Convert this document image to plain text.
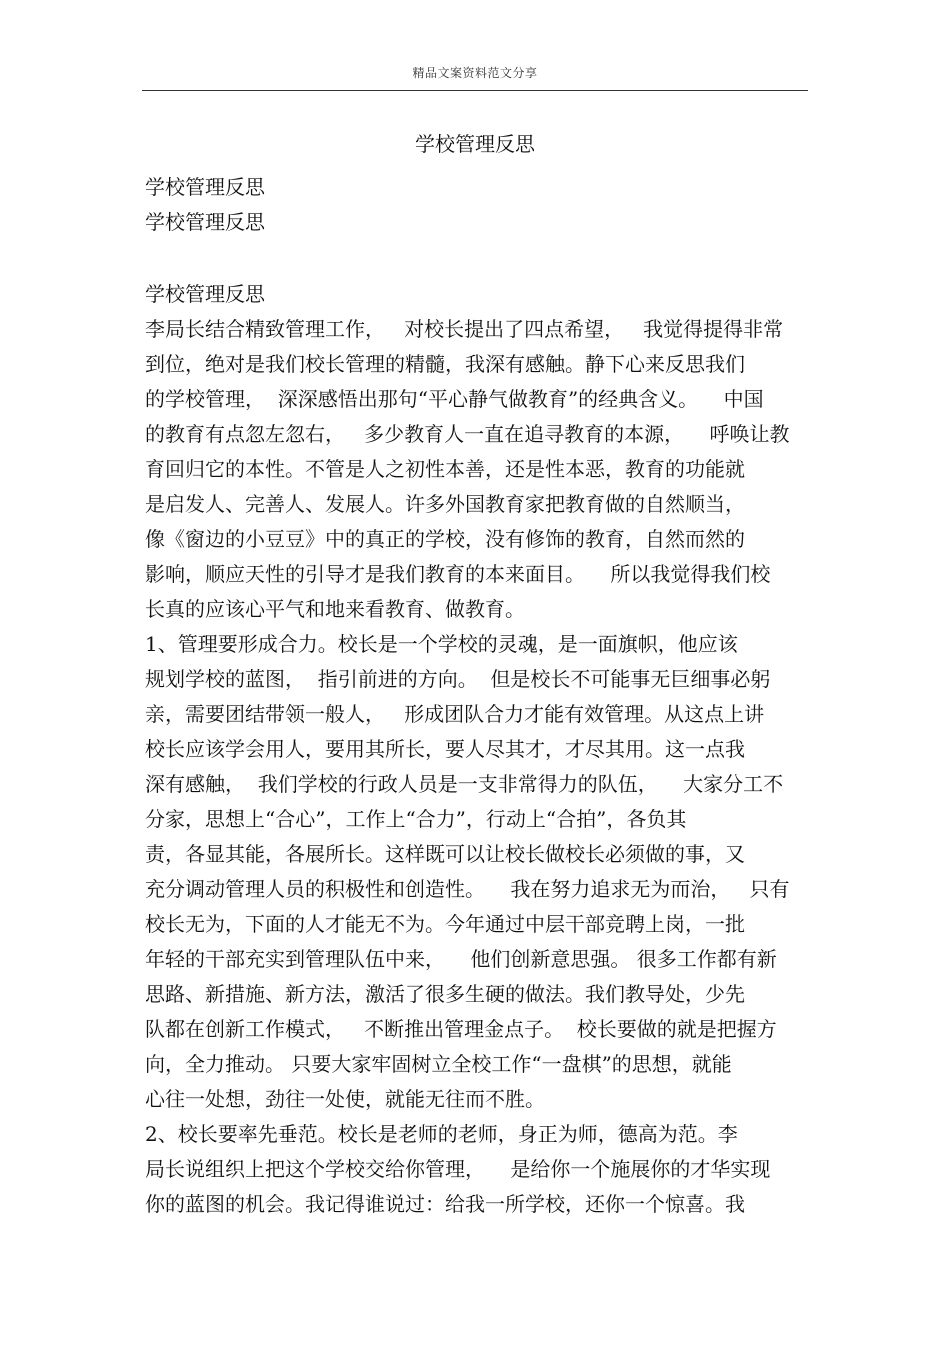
精品文案资料范文分享
学校管理反思
学校管理反思
学校管理反思
学校管理反思
李局长结合精致管理工作，   对校长提出了四点希望，   我觉得提得非常
到位，绝对是我们校长管理的精髓，我深有感触。静下心来反思我们
的学校管理，  深深感悟出那句“平心静气做教育”的经典含义。    中国
的教育有点忽左忽右，   多少教育人一直在追寻教育的本源，    呼唤让教
育回归它的本性。不管是人之初性本善，还是性本恶，教育的功能就
是启发人、完善人、发展人。许多外国教育家把教育做的自然顺当，
像《窗边的小豆豆》中的真正的学校，没有修饰的教育，自然而然的
影响，顺应天性的引导才是我们教育的本来面目。    所以我觉得我们校
长真的应该心平气和地来看教育、做教育。
1、管理要形成合力。校长是一个学校的灵魂，是一面旗帜，他应该
规划学校的蓝图，  指引前进的方向。  但是校长不可能事无巨细事必躬
亲，需要团结带领一般人，   形成团队合力才能有效管理。从这点上讲
校长应该学会用人，要用其所长，要人尽其才，才尽其用。这一点我
深有感触，  我们学校的行政人员是一支非常得力的队伍，    大家分工不
分家，思想上“合心”，工作上“合力”，行动上“合拍”，各负其
责，各显其能，各展所长。这样既可以让校长做校长必须做的事，又
充分调动管理人员的积极性和创造性。    我在努力追求无为而治，   只有
校长无为，下面的人才能无不为。今年通过中层干部竞聘上岗，一批
年轻的干部充实到管理队伍中来，    他们创新意思强。 很多工作都有新
思路、新措施、新方法，激活了很多生硬的做法。我们教导处，少先
队都在创新工作模式，   不断推出管理金点子。  校长要做的就是把握方
向，全力推动。 只要大家牢固树立全校工作“一盘棋”的思想，就能
心往一处想，劲往一处使，就能无往而不胜。
2、校长要率先垂范。校长是老师的老师，身正为师，德高为范。李
局长说组织上把这个学校交给你管理，    是给你一个施展你的才华实现
你的蓝图的机会。我记得谁说过：给我一所学校，还你一个惊喜。我
